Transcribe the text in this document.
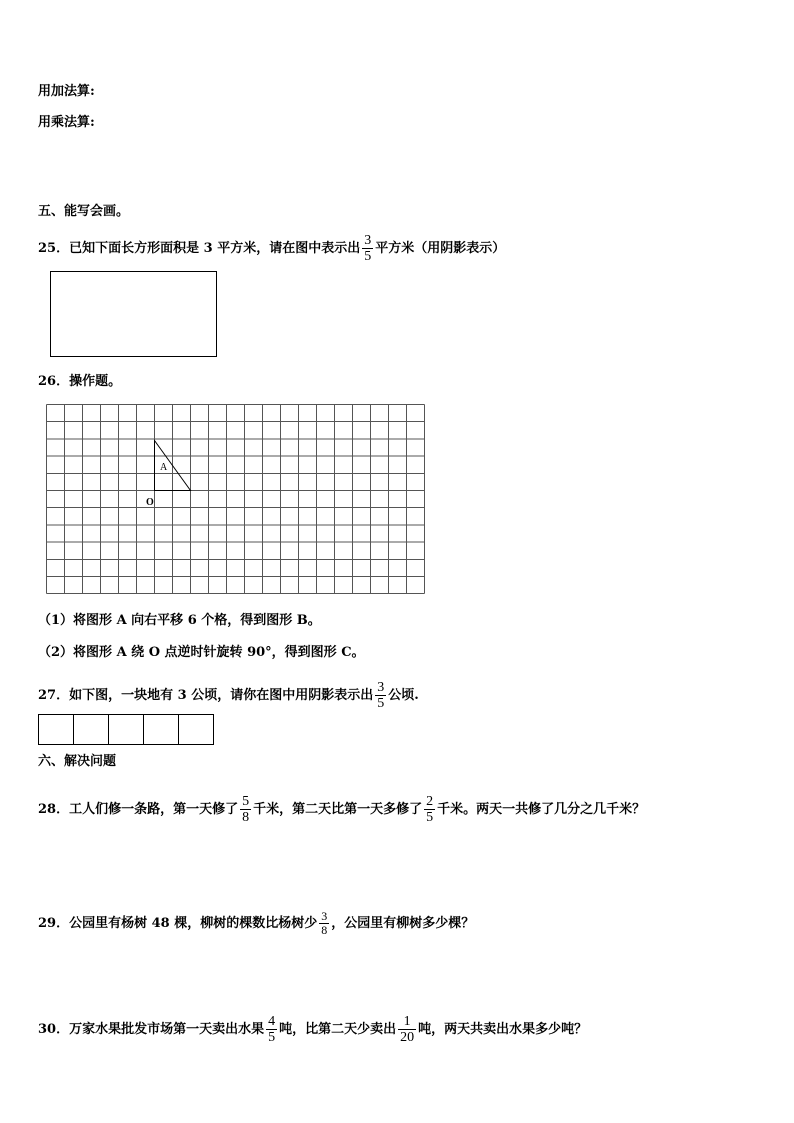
用加法算:
用乘法算:
五、能写会画。
25．已知下面长方形面积是 3 平方米，请在图中表示出 $\frac{3}{5}$ 平方米（用阴影表示）
26．操作题。
A
O
（1）将图形 A 向右平移 6 个格，得到图形 B。
（2）将图形 A 绕 O 点逆时针旋转 90°，得到图形 C。
27．如下图，一块地有 3 公顷，请你在图中用阴影表示出 $\frac{3}{5}$ 公顷.
六、解决问题
28．工人们修一条路，第一天修了 $\frac{5}{8}$ 千米，第二天比第一天多修了 $\frac{2}{5}$ 千米。两天一共修了几分之几千米？
29．公园里有杨树 48 棵，柳树的棵数比杨树少 $\frac{3}{8}$ ，公园里有柳树多少棵？
30．万家水果批发市场第一天卖出水果 $\frac{4}{5}$ 吨，比第二天少卖出 $\frac{1}{20}$ 吨，两天共卖出水果多少吨？
